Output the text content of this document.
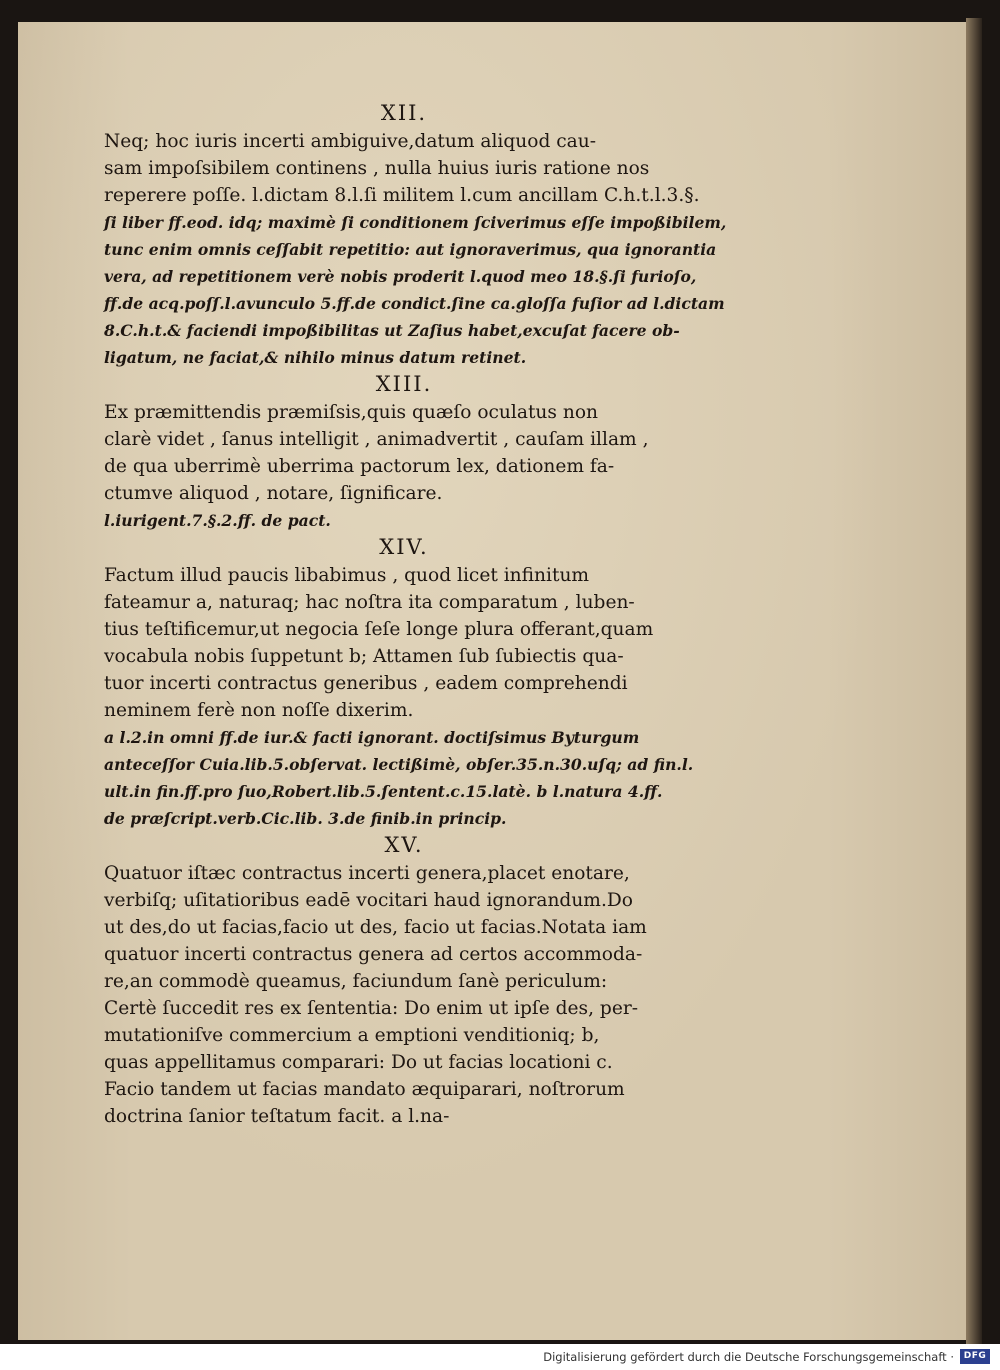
XII.
Neq; hoc iuris incerti ambiguive,datum aliquod cau-
sam impoſsibilem continens , nulla huius iuris ratione nos
reperere poſſe. l.dictam 8.l.ſi militem l.cum ancillam C.h.t.l.3.§.
ſi liber ff.eod. idq; maximè ſi conditionem ſciverimus eſſe impoßibilem,
tunc enim omnis ceſſabit repetitio: aut ignoraverimus, qua ignorantia
vera, ad repetitionem verè nobis proderit l.quod meo 18.§.ſi furioſo,
ff.de acq.poſſ.l.avunculo 5.ff.de condict.ſine ca.gloſſa fuſior ad l.dictam
8.C.h.t.& faciendi impoßibilitas ut Zaſius habet,excuſat facere ob-
ligatum, ne faciat,& nihilo minus datum retinet.
XIII.
Ex præmittendis præmiſsis,quis quæſo oculatus non
clarè videt , ſanus intelligit , animadvertit , cauſam illam ,
de qua uberrimè uberrima pactorum lex, dationem fa-
ctumve aliquod , notare, ſignificare.
l.iurigent.7.§.2.ff. de pact.
XIV.
Factum illud paucis libabimus , quod licet infinitum
fateamur a, naturaq; hac noſtra ita comparatum , luben-
tius teſtificemur,ut negocia ſeſe longe plura offerant,quam
vocabula nobis ſuppetunt b; Attamen ſub ſubiectis qua-
tuor incerti contractus generibus , eadem comprehendi
neminem ferè non noſſe dixerim.
a l.2.in omni ff.de iur.& facti ignorant. doctiſsimus Byturgum
anteceſſor Cuia.lib.5.obſervat. lectißimè, obſer.35.n.30.uſq; ad fin.l.
ult.in fin.ff.pro ſuo,Robert.lib.5.ſentent.c.15.latè. b l.natura 4.ff.
de præſcript.verb.Cic.lib. 3.de finib.in princip.
XV.
Quatuor iſtæc contractus incerti genera,placet enotare,
verbiſq; uſitatioribus eadē vocitari haud ignorandum.Do
ut des,do ut facias,facio ut des, facio ut facias.Notata iam
quatuor incerti contractus genera ad certos accommoda-
re,an commodè queamus, faciundum ſanè periculum:
Certè ſuccedit res ex ſententia: Do enim ut ipſe des, per-
mutationiſve commercium a emptioni venditioniq; b,
quas appellitamus comparari: Do ut facias locationi c.
Facio tandem ut facias mandato æquiparari, noſtrorum
doctrina ſanior teſtatum facit. a l.na-
Digitalisierung gefördert durch die Deutsche Forschungsgemeinschaft ·	DFG
